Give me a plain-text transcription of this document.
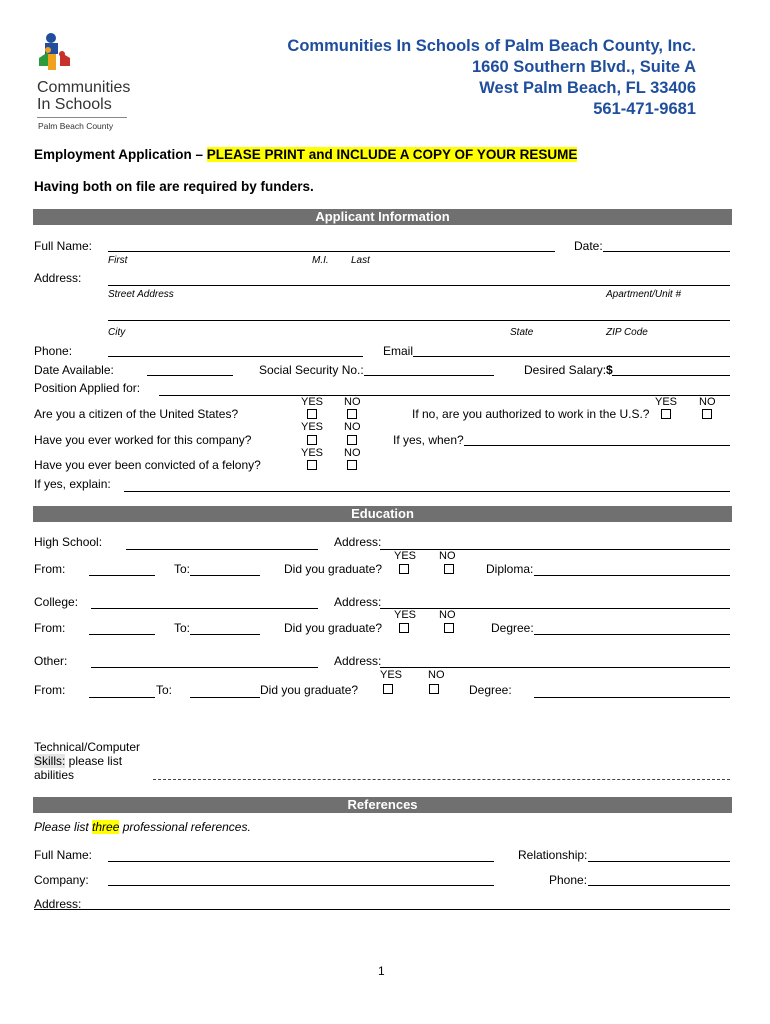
Communities
In Schools
Palm Beach County
Communities In Schools of Palm Beach County, Inc.
1660 Southern Blvd., Suite A
West Palm Beach, FL 33406
561-471-9681
Employment Application – PLEASE PRINT and INCLUDE A COPY OF YOUR RESUME
Having both on file are required by funders.
Applicant Information
Full Name:	Date:
First	M.I. Last
Address:
Street Address	Apartment/Unit #
City	State	ZIP Code
Phone:	Email
Date Available:	Social Security No.:	Desired Salary:$
Position Applied for:
YES NO
Are you a citizen of the United States?
YES NO
If no, are you authorized to work in the U.S.?
YES NO
Have you ever worked for this company?	If yes, when?
YES NO
Have you ever been convicted of a felony?
If yes, explain:
Education
High School:	Address:
YES NO
From:	To:	Did you graduate?	Diploma:
College:	Address:
YES NO
From:	To:	Did you graduate?	Degree:
Other:	Address:
YES NO
From:	To:	Did you graduate?	Degree:
Technical/Computer
Skills: please list
abilities
References
Please list three professional references.
Full Name:	Relationship:
Company:	Phone:
Address:
1
